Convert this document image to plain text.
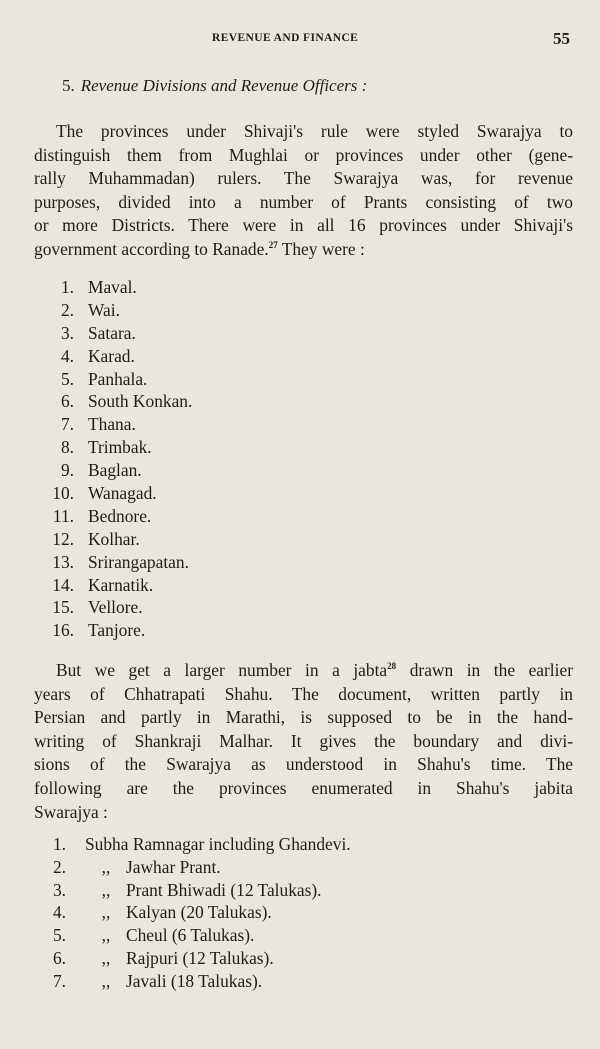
REVENUE AND FINANCE	55
5. Revenue Divisions and Revenue Officers :

The provinces under Shivaji's rule were styled Swarajya to
distinguish them from Mughlai or provinces under other (gene-
rally Muhammadan) rulers. The Swarajya was, for revenue
purposes, divided into a number of Prants consisting of two
or more Districts. There were in all 16 provinces under Shivaji's
government according to Ranade.$^{27}$ They were :

1. Maval.
2. Wai.
3. Satara.
4. Karad.
5. Panhala.
6. South Konkan.
7. Thana.
8. Trimbak.
9. Baglan.
10. Wanagad.
11. Bednore.
12. Kolhar.
13. Srirangapatan.
14. Karnatik.
15. Vellore.
16. Tanjore.

But we get a larger number in a jabta$^{28}$ drawn in the earlier
years of Chhatrapati Shahu. The document, written partly in
Persian and partly in Marathi, is supposed to be in the hand-
writing of Shankraji Malhar. It gives the boundary and divi-
sions of the Swarajya as understood in Shahu's time. The
following are the provinces enumerated in Shahu's jabita
Swarajya :

1. Subha Ramnagar including Ghandevi.
2. ,, Jawhar Prant.
3. ,, Prant Bhiwadi (12 Talukas).
4. ,, Kalyan (20 Talukas).
5. ,, Cheul (6 Talukas).
6. ,, Rajpuri (12 Talukas).
7. ,, Javali (18 Talukas).
